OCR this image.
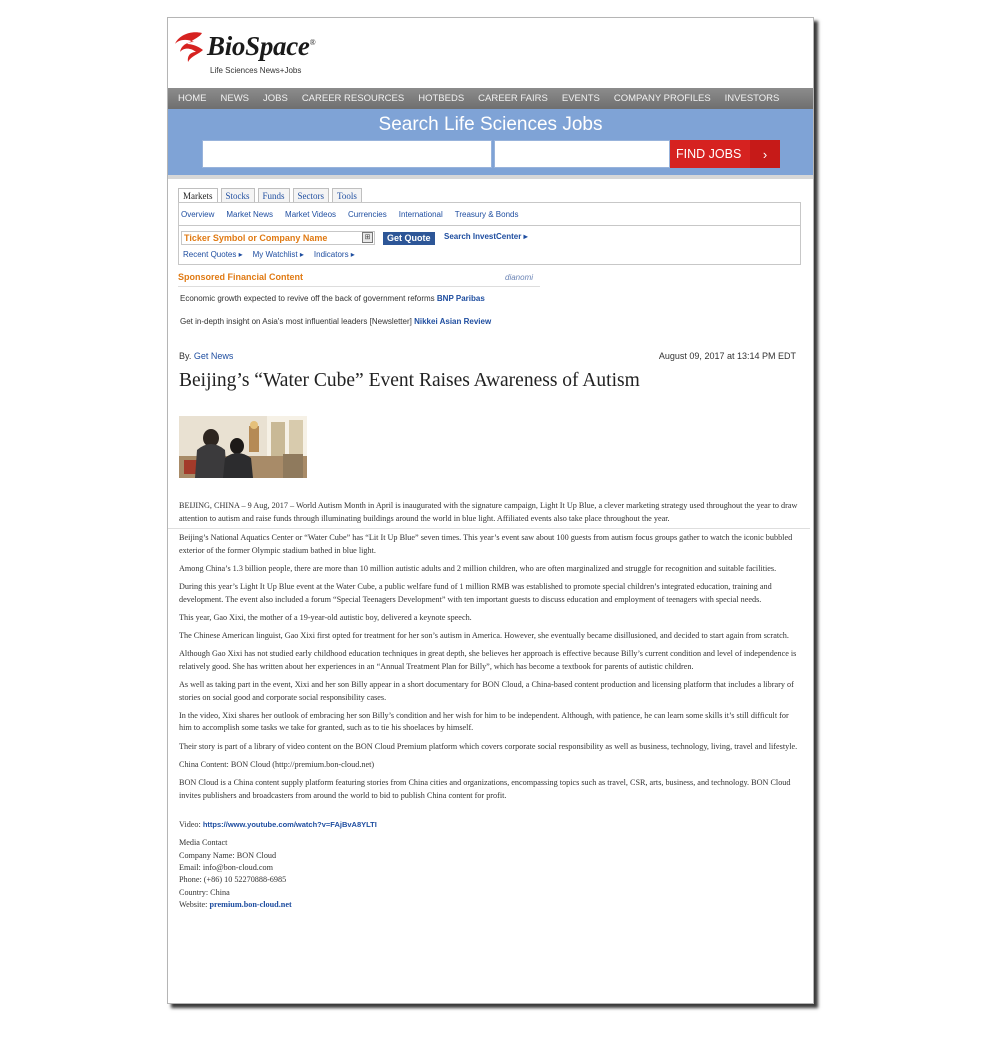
BioSpace®
Life Sciences News+Jobs
HOME NEWS JOBS CAREER RESOURCES HOTBEDS CAREER FAIRS EVENTS COMPANY PROFILES INVESTORS
Search Life Sciences Jobs
FIND JOBS	›
Markets	Stocks	Funds	Sectors	Tools
Overview Market News Market Videos Currencies International Treasury & Bonds
Ticker Symbol or Company Name	⊞	Get Quote	Search InvestCenter ▸
Recent Quotes ▸ My Watchlist ▸ Indicators ▸
Sponsored Financial Content	dianomi
Economic growth expected to revive off the back of government reforms BNP Paribas
Get in-depth insight on Asia's most influential leaders [Newsletter] Nikkei Asian Review
By. Get News	August 09, 2017 at 13:14 PM EDT
Beijing’s “Water Cube” Event Raises Awareness of Autism

BEIJING, CHINA – 9 Aug, 2017 – World Autism Month in April is inaugurated with the signature campaign, Light It Up Blue, a clever marketing strategy used throughout the year to draw attention to autism and raise funds through illuminating buildings around the world in blue light. Affiliated events also take place throughout the year.

Beijing’s National Aquatics Center or “Water Cube” has “Lit It Up Blue” seven times. This year’s event saw about 100 guests from autism focus groups gather to watch the iconic bubbled exterior of the former Olympic stadium bathed in blue light.

Among China’s 1.3 billion people, there are more than 10 million autistic adults and 2 million children, who are often marginalized and struggle for recognition and suitable facilities.

During this year’s Light It Up Blue event at the Water Cube, a public welfare fund of 1 million RMB was established to promote special children’s integrated education, training and development. The event also included a forum “Special Teenagers Development” with ten important guests to discuss education and employment of teenagers with special needs.

This year, Gao Xixi, the mother of a 19-year-old autistic boy, delivered a keynote speech.

The Chinese American linguist, Gao Xixi first opted for treatment for her son’s autism in America. However, she eventually became disillusioned, and decided to start again from scratch.

Although Gao Xixi has not studied early childhood education techniques in great depth, she believes her approach is effective because Billy’s current condition and level of independence is relatively good. She has written about her experiences in an “Annual Treatment Plan for Billy”, which has become a textbook for parents of autistic children.

As well as taking part in the event, Xixi and her son Billy appear in a short documentary for BON Cloud, a China-based content production and licensing platform that includes a library of stories on social good and corporate social responsibility cases.

In the video, Xixi shares her outlook of embracing her son Billy’s condition and her wish for him to be independent. Although, with patience, he can learn some skills it’s still difficult for him to accomplish some tasks we take for granted, such as to tie his shoelaces by himself.

Their story is part of a library of video content on the BON Cloud Premium platform which covers corporate social responsibility as well as business, technology, living, travel and lifestyle.

China Content: BON Cloud (http://premium.bon-cloud.net)

BON Cloud is a China content supply platform featuring stories from China cities and organizations, encompassing topics such as travel, CSR, arts, business, and technology. BON Cloud invites publishers and broadcasters from around the world to bid to publish China content for profit.

Video: https://www.youtube.com/watch?v=FAjBvA8YLTI

Media Contact
Company Name: BON Cloud
Email: info@bon-cloud.com
Phone: (+86) 10 52270888-6985
Country: China
Website: premium.bon-cloud.net
